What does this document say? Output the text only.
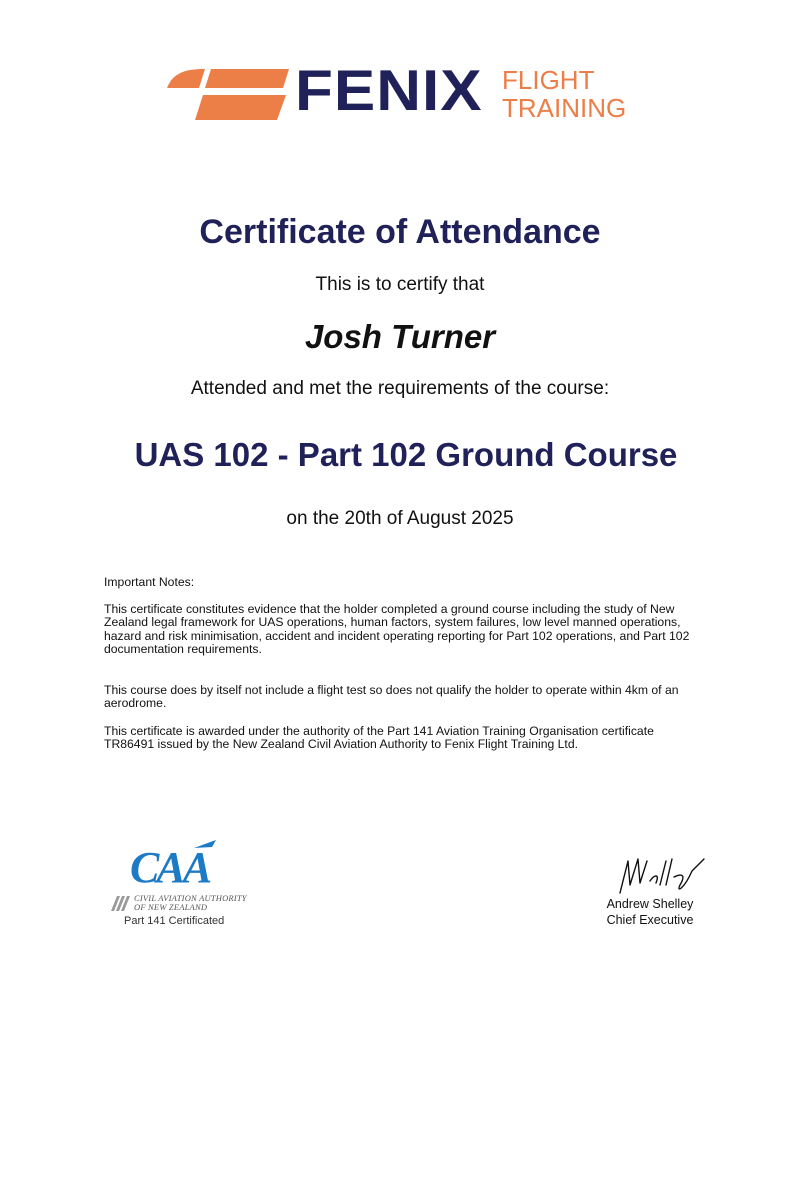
FENIX FLIGHT
TRAINING
Certificate of Attendance
This is to certify that
Josh Turner
Attended and met the requirements of the course:
UAS 102 - Part 102 Ground Course
on the 20th of August 2025

Important Notes:

This certificate constitutes evidence that the holder completed a ground course including the study of New Zealand legal framework for UAS operations, human factors, system failures, low level manned operations, hazard and risk minimisation, accident and incident operating reporting for Part 102 operations, and Part 102 documentation requirements.

This course does by itself not include a flight test so does not qualify the holder to operate within 4km of an aerodrome.

This certificate is awarded under the authority of the Part 141 Aviation Training Organisation certificate TR86491 issued by the New Zealand Civil Aviation Authority to Fenix Flight Training Ltd.

CAA
CIVIL AVIATION AUTHORITY
OF NEW ZEALAND
Part 141 Certificated
Andrew Shelley
Chief Executive
